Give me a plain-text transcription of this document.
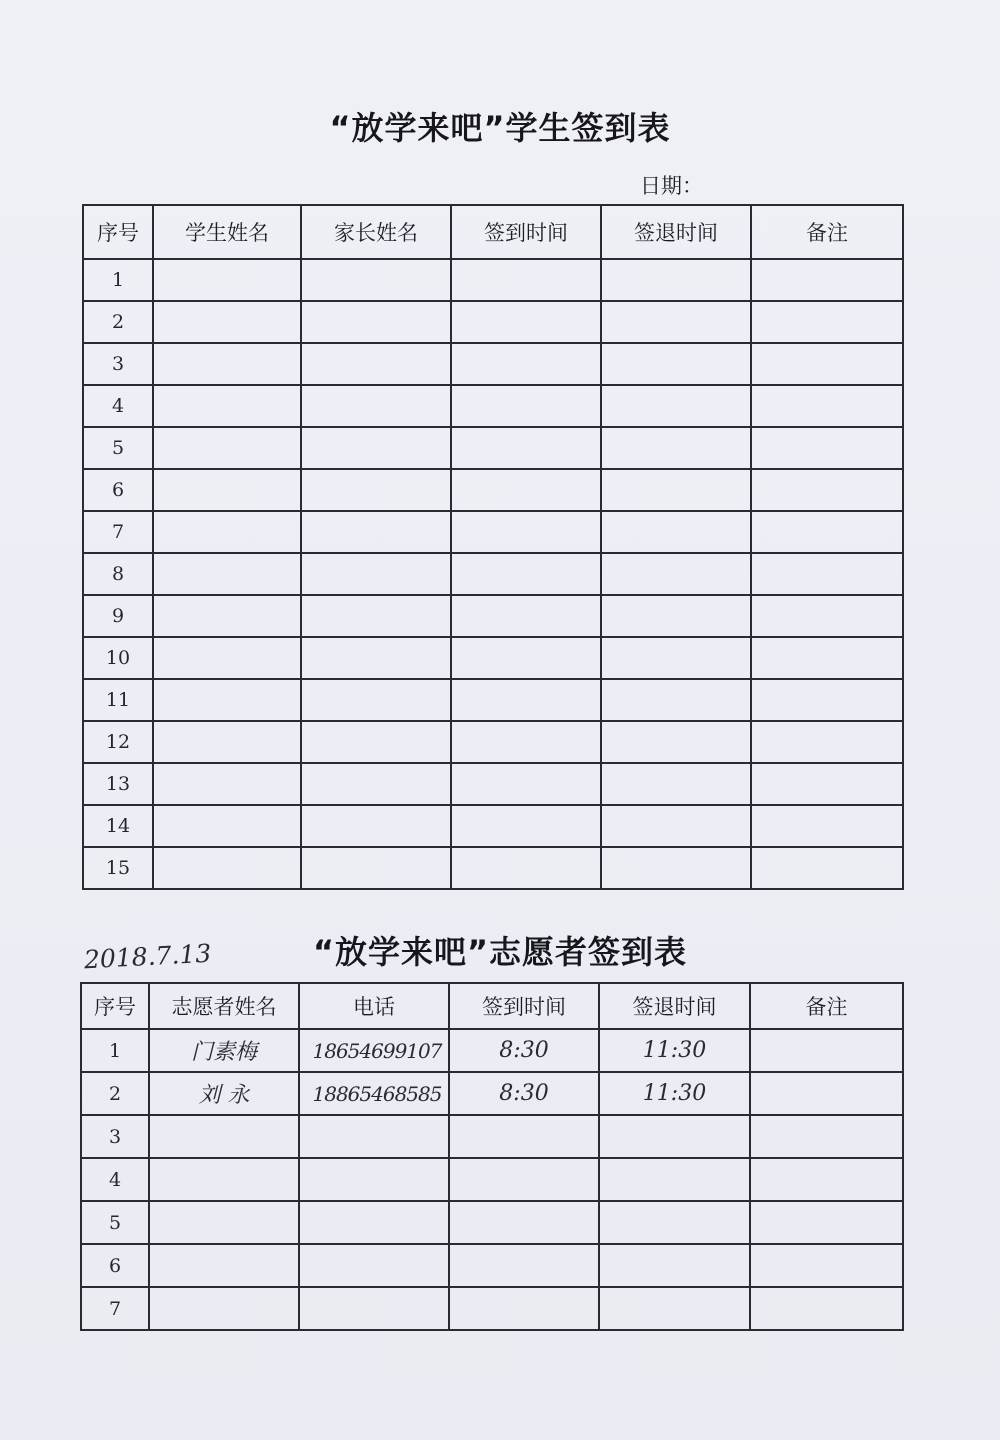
“放学来吧”学生签到表
日期：
序号	学生姓名	家长姓名	签到时间	签退时间	备注
1					
2					
3					
4					
5					
6					
7					
8					
9					
10					
11					
12					
13					
14					
15					
2018.7.13	“放学来吧”志愿者签到表
序号	志愿者姓名	电话	签到时间	签退时间	备注
1	门素梅	18654699107	8:30	11:30	
2	刘 永	18865468585	8:30	11:30	
3					
4					
5					
6					
7					
